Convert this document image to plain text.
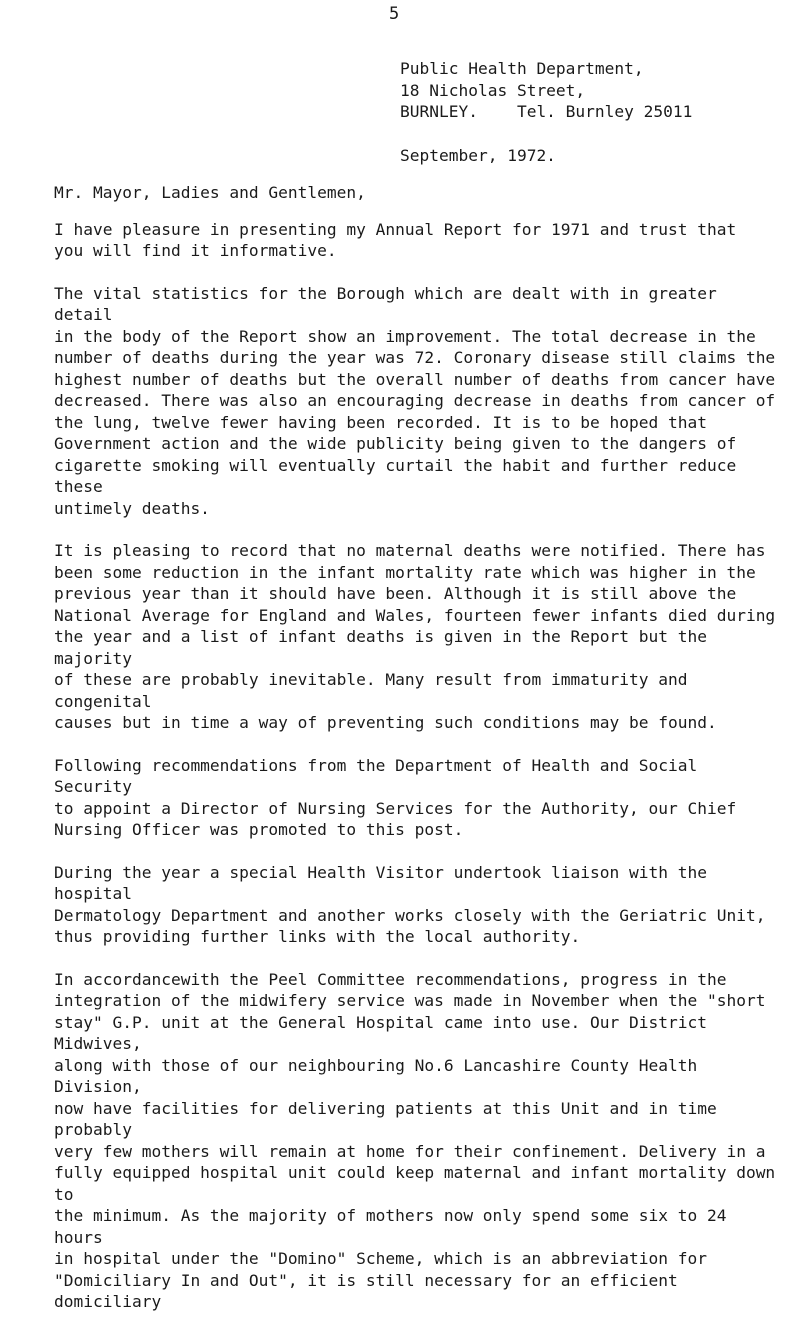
5
Public Health Department,
18 Nicholas Street,
BURNLEY.    Tel. Burnley 25011
September, 1972.

Mr. Mayor, Ladies and Gentlemen,

I have pleasure in presenting my Annual Report for 1971 and trust that
you will find it informative.

The vital statistics for the Borough which are dealt with in greater detail
in the body of the Report show an improvement. The total decrease in the
number of deaths during the year was 72. Coronary disease still claims the
highest number of deaths but the overall number of deaths from cancer have
decreased. There was also an encouraging decrease in deaths from cancer of
the lung, twelve fewer having been recorded. It is to be hoped that
Government action and the wide publicity being given to the dangers of
cigarette smoking will eventually curtail the habit and further reduce these
untimely deaths.

It is pleasing to record that no maternal deaths were notified. There has
been some reduction in the infant mortality rate which was higher in the
previous year than it should have been. Although it is still above the
National Average for England and Wales, fourteen fewer infants died during
the year and a list of infant deaths is given in the Report but the majority
of these are probably inevitable. Many result from immaturity and congenital
causes but in time a way of preventing such conditions may be found.

Following recommendations from the Department of Health and Social Security
to appoint a Director of Nursing Services for the Authority, our Chief
Nursing Officer was promoted to this post.

During the year a special Health Visitor undertook liaison with the hospital
Dermatology Department and another works closely with the Geriatric Unit,
thus providing further links with the local authority.

In accordancewith the Peel Committee recommendations, progress in the
integration of the midwifery service was made in November when the "short
stay" G.P. unit at the General Hospital came into use. Our District Midwives,
along with those of our neighbouring No.6 Lancashire County Health Division,
now have facilities for delivering patients at this Unit and in time probably
very few mothers will remain at home for their confinement. Delivery in a
fully equipped hospital unit could keep maternal and infant mortality down to
the minimum. As the majority of mothers now only spend some six to 24 hours
in hospital under the "Domino" Scheme, which is an abbreviation for
"Domiciliary In and Out", it is still necessary for an efficient domiciliary
